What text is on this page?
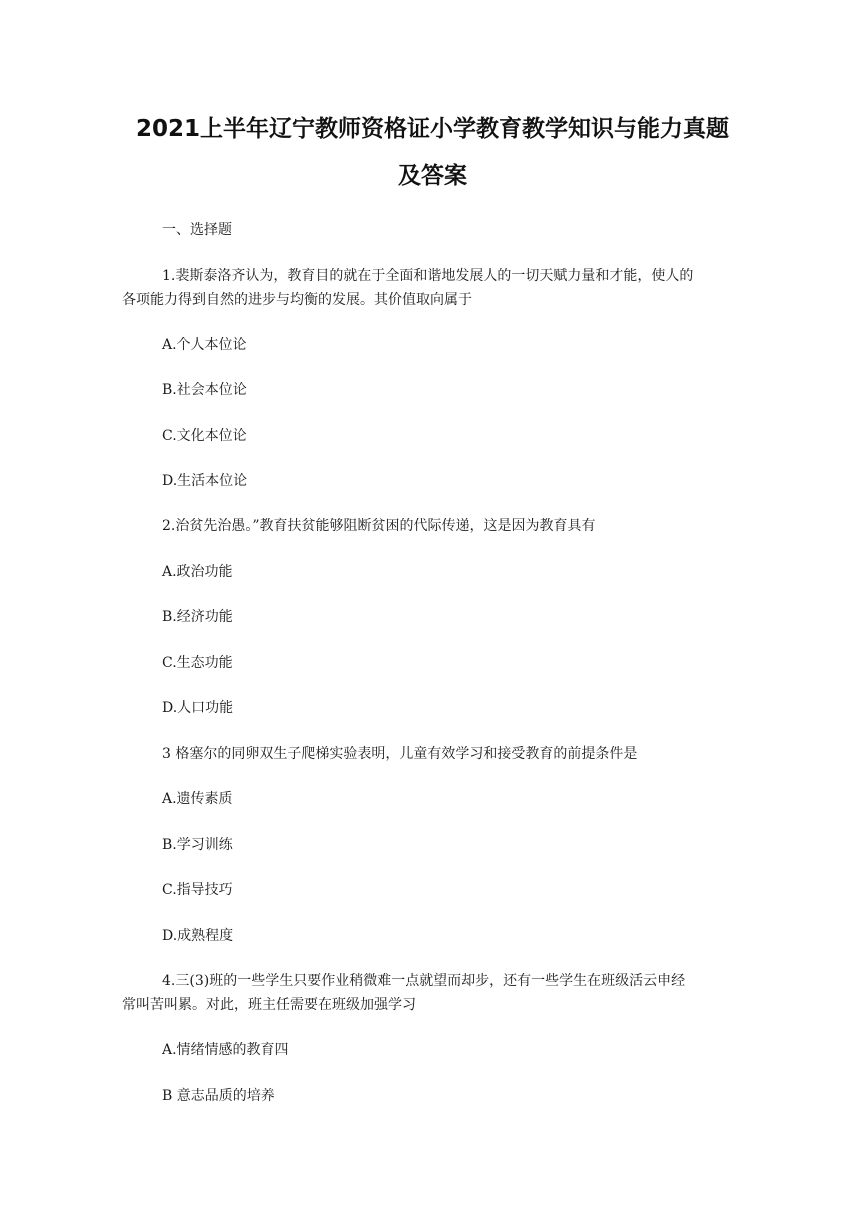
2021上半年辽宁教师资格证小学教育教学知识与能力真题
及答案

一、选择题

1.裴斯泰洛齐认为，教育目的就在于全面和谐地发展人的一切天赋力量和才能，使人的

各项能力得到自然的进步与均衡的发展。其价值取向属于

A.个人本位论

B.社会本位论

C.文化本位论

D.生活本位论

2.治贫先治愚。”教育扶贫能够阻断贫困的代际传递，这是因为教育具有

A.政治功能

B.经济功能

C.生态功能

D.人口功能

3 格塞尔的同卵双生子爬梯实验表明，儿童有效学习和接受教育的前提条件是

A.遗传素质

B.学习训练

C.指导技巧

D.成熟程度

4.三(3)班的一些学生只要作业稍微难一点就望而却步，还有一些学生在班级活云申经

常叫苦叫累。对此，班主任需要在班级加强学习

A.情绪情感的教育四

B 意志品质的培养
